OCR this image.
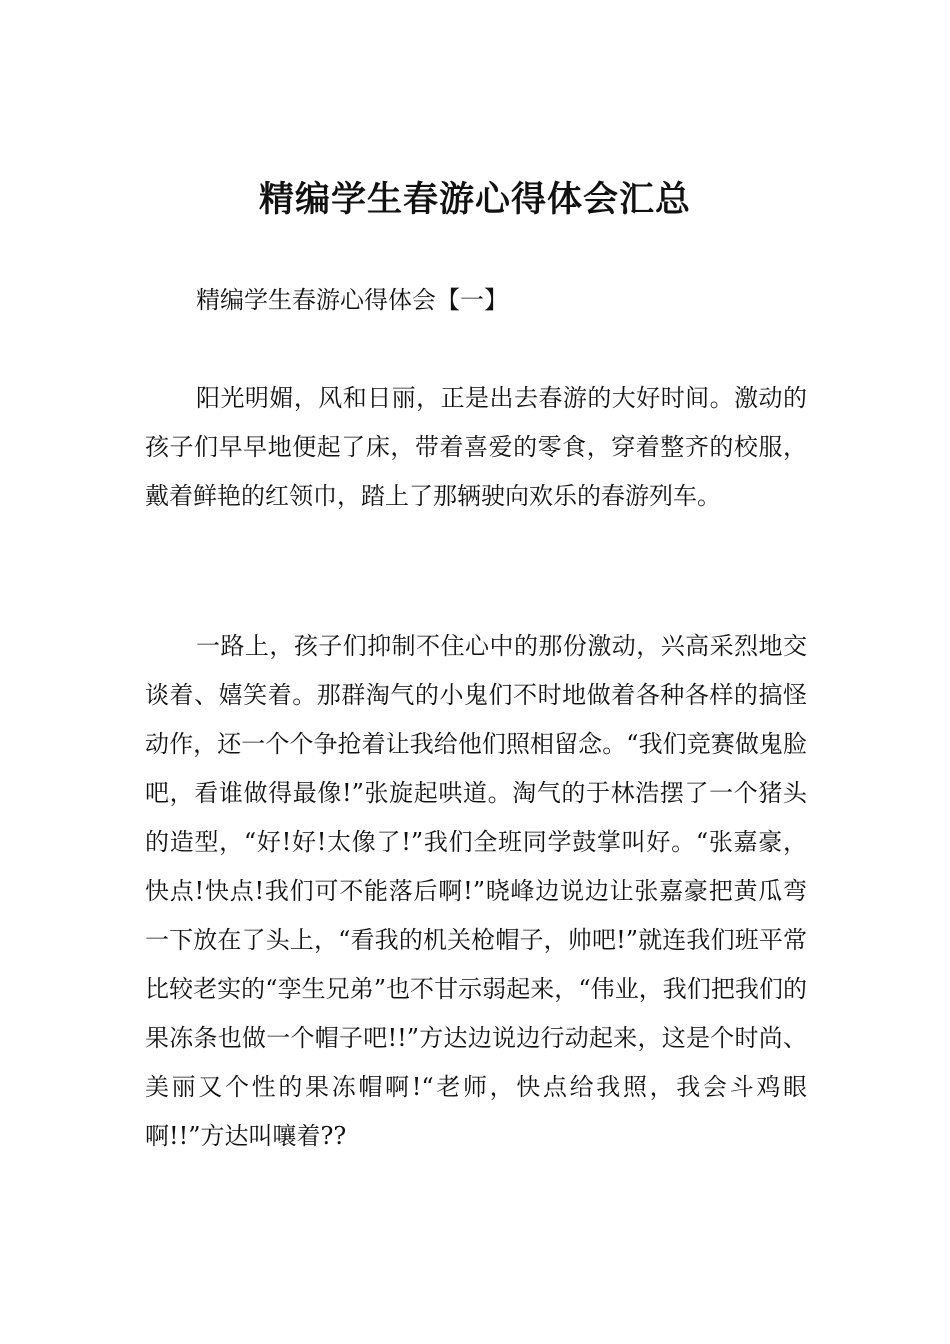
精编学生春游心得体会汇总

精编学生春游心得体会【一】

阳光明媚，风和日丽，正是出去春游的大好时间。激动的孩子们早早地便起了床，带着喜爱的零食，穿着整齐的校服，戴着鲜艳的红领巾，踏上了那辆驶向欢乐的春游列车。

一路上，孩子们抑制不住心中的那份激动，兴高采烈地交谈着、嬉笑着。那群淘气的小鬼们不时地做着各种各样的搞怪动作，还一个个争抢着让我给他们照相留念。“我们竞赛做鬼脸吧，看谁做得最像!”张旋起哄道。淘气的于林浩摆了一个猪头的造型，“好!好!太像了!”我们全班同学鼓掌叫好。“张嘉豪，快点!快点!我们可不能落后啊!”晓峰边说边让张嘉豪把黄瓜弯一下放在了头上，“看我的机关枪帽子，帅吧!”就连我们班平常比较老实的“孪生兄弟”也不甘示弱起来，“伟业，我们把我们的果冻条也做一个帽子吧!!”方达边说边行动起来，这是个时尚、美丽又个性的果冻帽啊!“老师，快点给我照，我会斗鸡眼啊!!”方达叫嚷着??
